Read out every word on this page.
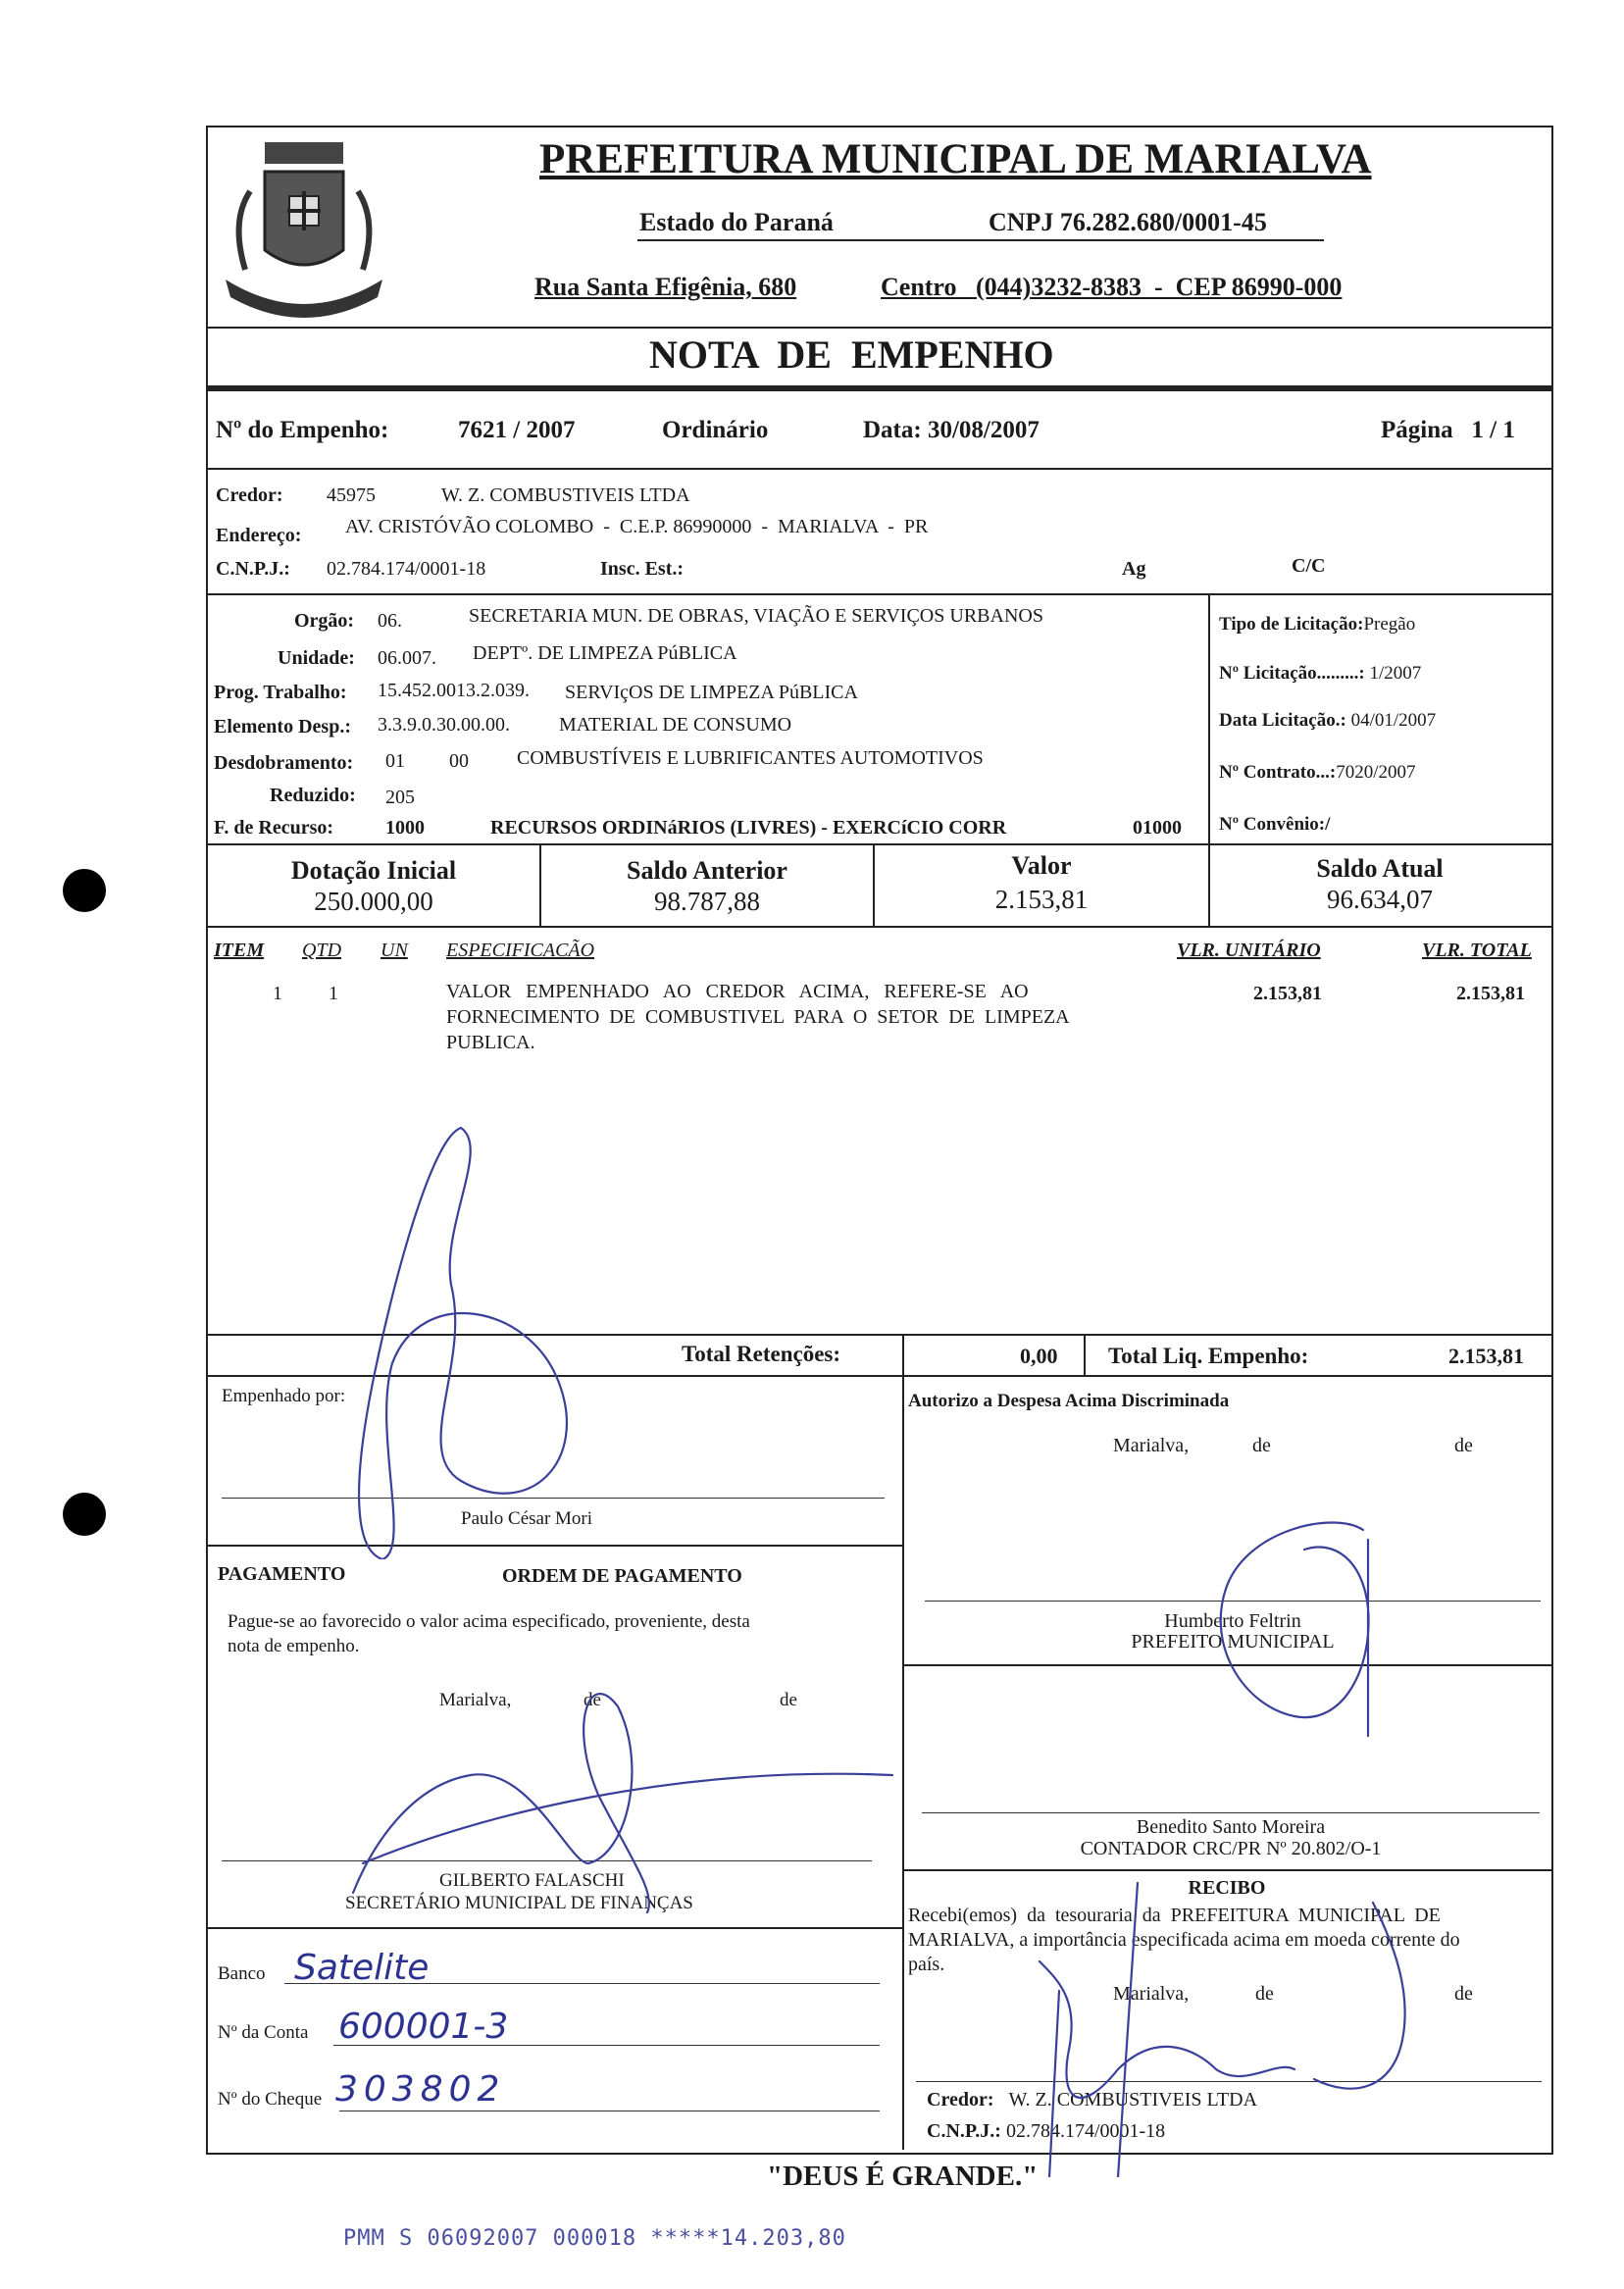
MARIALVA
PREFEITURA MUNICIPAL DE MARIALVA
Estado do Paraná	CNPJ 76.282.680/0001-45
Rua Santa Efigênia, 680	Centro   (044)3232-8383  -  CEP 86990-000
NOTA  DE  EMPENHO
Nº do Empenho:	7621 / 2007	Ordinário	Data: 30/08/2007	Página   1 / 1
Credor: 45975	W. Z. COMBUSTIVEIS LTDA
Endereço: AV. CRISTÓVÃO COLOMBO  -  C.E.P. 86990000  -  MARIALVA  -  PR
C.N.P.J.: 02.784.174/0001-18	Insc. Est.:	Ag	C/C
Orgão: 06.	SECRETARIA MUN. DE OBRAS, VIAÇÃO E SERVIÇOS URBANOS
Unidade: 06.007. DEPTº. DE LIMPEZA PúBLICA
Prog. Trabalho: 15.452.0013.2.039. SERVIçOS DE LIMPEZA PúBLICA
Elemento Desp.: 3.3.9.0.30.00.00.	MATERIAL DE CONSUMO
Desdobramento: 01 00 COMBUSTÍVEIS E LUBRIFICANTES AUTOMOTIVOS
Reduzido: 205
F. de Recurso:	1000	RECURSOS ORDINáRIOS (LIVRES) - EXERCíCIO CORR	01000
Tipo de Licitação:Pregão
Nº Licitação.........: 1/2007
Data Licitação.: 04/01/2007
Nº Contrato...:7020/2007
Nº Convênio:/
Dotação Inicial
250.000,00
Saldo Anterior
98.787,88
Valor
2.153,81
Saldo Atual
96.634,07
ITEM QTD UN ESPECIFICACÃO	VLR. UNITÁRIO	VLR. TOTAL
1 1	VALOR   EMPENHADO   AO   CREDOR   ACIMA,   REFERE-SE   AO
FORNECIMENTO  DE  COMBUSTIVEL  PARA  O  SETOR  DE  LIMPEZA
PUBLICA.
2.153,81	2.153,81
Total Retenções:	0,00 Total Liq. Empenho:	2.153,81
Empenhado por:
Paulo César Mori
PAGAMENTO	ORDEM DE PAGAMENTO
Pague-se ao favorecido o valor acima especificado, proveniente, desta
nota de empenho.
Marialva,	de	de
GILBERTO FALASCHI
SECRETÁRIO MUNICIPAL DE FINANÇAS
Banco Satelite
Nº da Conta 600001-3
Nº do Cheque 303802
Autorizo a Despesa Acima Discriminada
Marialva,	de	de
Humberto Feltrin
PREFEITO MUNICIPAL
Benedito Santo Moreira
CONTADOR CRC/PR Nº 20.802/O-1
RECIBO
Recebi(emos)  da  tesouraria  da  PREFEITURA  MUNICIPAL  DE
MARIALVA, a importância especificada acima em moeda corrente do
país.
Marialva,	de	de
Credor: W. Z. COMBUSTIVEIS LTDA
C.N.P.J.: 02.784.174/0001-18
"DEUS É GRANDE."
PMM S 06092007 000018 *****14.203,80
